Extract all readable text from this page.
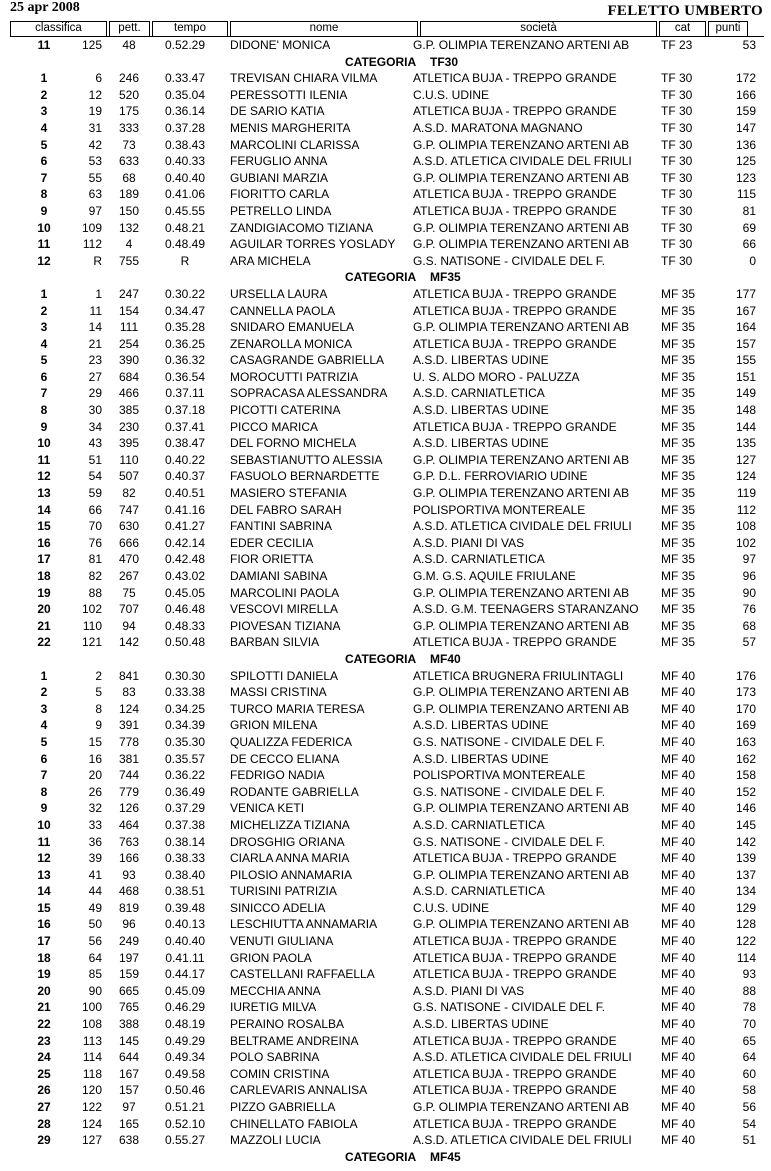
25 apr 2008	FELETTO UMBERTO
classifica	pett.	tempo	nome	società	cat	punti
11	125	48	0.52.29	DIDONE' MONICA	G.P. OLIMPIA TERENZANO ARTENI AB	TF 23	53
CATEGORIA TF30
1	6	246	0.33.47	TREVISAN CHIARA VILMA	ATLETICA BUJA - TREPPO GRANDE	TF 30	172
2	12	520	0.35.04	PERESSOTTI ILENIA	C.U.S. UDINE	TF 30	166
3	19	175	0.36.14	DE SARIO KATIA	ATLETICA BUJA - TREPPO GRANDE	TF 30	159
4	31	333	0.37.28	MENIS MARGHERITA	A.S.D. MARATONA MAGNANO	TF 30	147
5	42	73	0.38.43	MARCOLINI CLARISSA	G.P. OLIMPIA TERENZANO ARTENI AB	TF 30	136
6	53	633	0.40.33	FERUGLIO ANNA	A.S.D. ATLETICA CIVIDALE DEL FRIULI	TF 30	125
7	55	68	0.40.40	GUBIANI MARZIA	G.P. OLIMPIA TERENZANO ARTENI AB	TF 30	123
8	63	189	0.41.06	FIORITTO CARLA	ATLETICA BUJA - TREPPO GRANDE	TF 30	115
9	97	150	0.45.55	PETRELLO LINDA	ATLETICA BUJA - TREPPO GRANDE	TF 30	81
10	109	132	0.48.21	ZANDIGIACOMO TIZIANA	G.P. OLIMPIA TERENZANO ARTENI AB	TF 30	69
11	112	4	0.48.49	AGUILAR TORRES YOSLADY	G.P. OLIMPIA TERENZANO ARTENI AB	TF 30	66
12	R	755	R	ARA MICHELA	G.S. NATISONE - CIVIDALE DEL F.	TF 30	0
CATEGORIA MF35
1	1	247	0.30.22	URSELLA LAURA	ATLETICA BUJA - TREPPO GRANDE	MF 35	177
2	11	154	0.34.47	CANNELLA PAOLA	ATLETICA BUJA - TREPPO GRANDE	MF 35	167
3	14	111	0.35.28	SNIDARO EMANUELA	G.P. OLIMPIA TERENZANO ARTENI AB	MF 35	164
4	21	254	0.36.25	ZENAROLLA MONICA	ATLETICA BUJA - TREPPO GRANDE	MF 35	157
5	23	390	0.36.32	CASAGRANDE GABRIELLA	A.S.D. LIBERTAS UDINE	MF 35	155
6	27	684	0.36.54	MOROCUTTI PATRIZIA	U. S. ALDO MORO - PALUZZA	MF 35	151
7	29	466	0.37.11	SOPRACASA ALESSANDRA	A.S.D. CARNIATLETICA	MF 35	149
8	30	385	0.37.18	PICOTTI CATERINA	A.S.D. LIBERTAS UDINE	MF 35	148
9	34	230	0.37.41	PICCO MARICA	ATLETICA BUJA - TREPPO GRANDE	MF 35	144
10	43	395	0.38.47	DEL FORNO MICHELA	A.S.D. LIBERTAS UDINE	MF 35	135
11	51	110	0.40.22	SEBASTIANUTTO ALESSIA	G.P. OLIMPIA TERENZANO ARTENI AB	MF 35	127
12	54	507	0.40.37	FASUOLO BERNARDETTE	G.P. D.L. FERROVIARIO UDINE	MF 35	124
13	59	82	0.40.51	MASIERO STEFANIA	G.P. OLIMPIA TERENZANO ARTENI AB	MF 35	119
14	66	747	0.41.16	DEL FABRO SARAH	POLISPORTIVA MONTEREALE	MF 35	112
15	70	630	0.41.27	FANTINI SABRINA	A.S.D. ATLETICA CIVIDALE DEL FRIULI	MF 35	108
16	76	666	0.42.14	EDER CECILIA	A.S.D. PIANI DI VAS	MF 35	102
17	81	470	0.42.48	FIOR ORIETTA	A.S.D. CARNIATLETICA	MF 35	97
18	82	267	0.43.02	DAMIANI SABINA	G.M. G.S. AQUILE FRIULANE	MF 35	96
19	88	75	0.45.05	MARCOLINI PAOLA	G.P. OLIMPIA TERENZANO ARTENI AB	MF 35	90
20	102	707	0.46.48	VESCOVI MIRELLA	A.S.D. G.M. TEENAGERS STARANZANO	MF 35	76
21	110	94	0.48.33	PIOVESAN TIZIANA	G.P. OLIMPIA TERENZANO ARTENI AB	MF 35	68
22	121	142	0.50.48	BARBAN SILVIA	ATLETICA BUJA - TREPPO GRANDE	MF 35	57
CATEGORIA MF40
1	2	841	0.30.30	SPILOTTI DANIELA	ATLETICA BRUGNERA FRIULINTAGLI	MF 40	176
2	5	83	0.33.38	MASSI CRISTINA	G.P. OLIMPIA TERENZANO ARTENI AB	MF 40	173
3	8	124	0.34.25	TURCO MARIA TERESA	G.P. OLIMPIA TERENZANO ARTENI AB	MF 40	170
4	9	391	0.34.39	GRION MILENA	A.S.D. LIBERTAS UDINE	MF 40	169
5	15	778	0.35.30	QUALIZZA FEDERICA	G.S. NATISONE - CIVIDALE DEL F.	MF 40	163
6	16	381	0.35.57	DE CECCO ELIANA	A.S.D. LIBERTAS UDINE	MF 40	162
7	20	744	0.36.22	FEDRIGO NADIA	POLISPORTIVA MONTEREALE	MF 40	158
8	26	779	0.36.49	RODANTE GABRIELLA	G.S. NATISONE - CIVIDALE DEL F.	MF 40	152
9	32	126	0.37.29	VENICA KETI	G.P. OLIMPIA TERENZANO ARTENI AB	MF 40	146
10	33	464	0.37.38	MICHELIZZA TIZIANA	A.S.D. CARNIATLETICA	MF 40	145
11	36	763	0.38.14	DROSGHIG ORIANA	G.S. NATISONE - CIVIDALE DEL F.	MF 40	142
12	39	166	0.38.33	CIARLA ANNA MARIA	ATLETICA BUJA - TREPPO GRANDE	MF 40	139
13	41	93	0.38.40	PILOSIO ANNAMARIA	G.P. OLIMPIA TERENZANO ARTENI AB	MF 40	137
14	44	468	0.38.51	TURISINI PATRIZIA	A.S.D. CARNIATLETICA	MF 40	134
15	49	819	0.39.48	SINICCO ADELIA	C.U.S. UDINE	MF 40	129
16	50	96	0.40.13	LESCHIUTTA ANNAMARIA	G.P. OLIMPIA TERENZANO ARTENI AB	MF 40	128
17	56	249	0.40.40	VENUTI GIULIANA	ATLETICA BUJA - TREPPO GRANDE	MF 40	122
18	64	197	0.41.11	GRION PAOLA	ATLETICA BUJA - TREPPO GRANDE	MF 40	114
19	85	159	0.44.17	CASTELLANI RAFFAELLA	ATLETICA BUJA - TREPPO GRANDE	MF 40	93
20	90	665	0.45.09	MECCHIA ANNA	A.S.D. PIANI DI VAS	MF 40	88
21	100	765	0.46.29	IURETIG MILVA	G.S. NATISONE - CIVIDALE DEL F.	MF 40	78
22	108	388	0.48.19	PERAINO ROSALBA	A.S.D. LIBERTAS UDINE	MF 40	70
23	113	145	0.49.29	BELTRAME ANDREINA	ATLETICA BUJA - TREPPO GRANDE	MF 40	65
24	114	644	0.49.34	POLO SABRINA	A.S.D. ATLETICA CIVIDALE DEL FRIULI	MF 40	64
25	118	167	0.49.58	COMIN CRISTINA	ATLETICA BUJA - TREPPO GRANDE	MF 40	60
26	120	157	0.50.46	CARLEVARIS ANNALISA	ATLETICA BUJA - TREPPO GRANDE	MF 40	58
27	122	97	0.51.21	PIZZO GABRIELLA	G.P. OLIMPIA TERENZANO ARTENI AB	MF 40	56
28	124	165	0.52.10	CHINELLATO FABIOLA	ATLETICA BUJA - TREPPO GRANDE	MF 40	54
29	127	638	0.55.27	MAZZOLI LUCIA	A.S.D. ATLETICA CIVIDALE DEL FRIULI	MF 40	51
CATEGORIA MF45
